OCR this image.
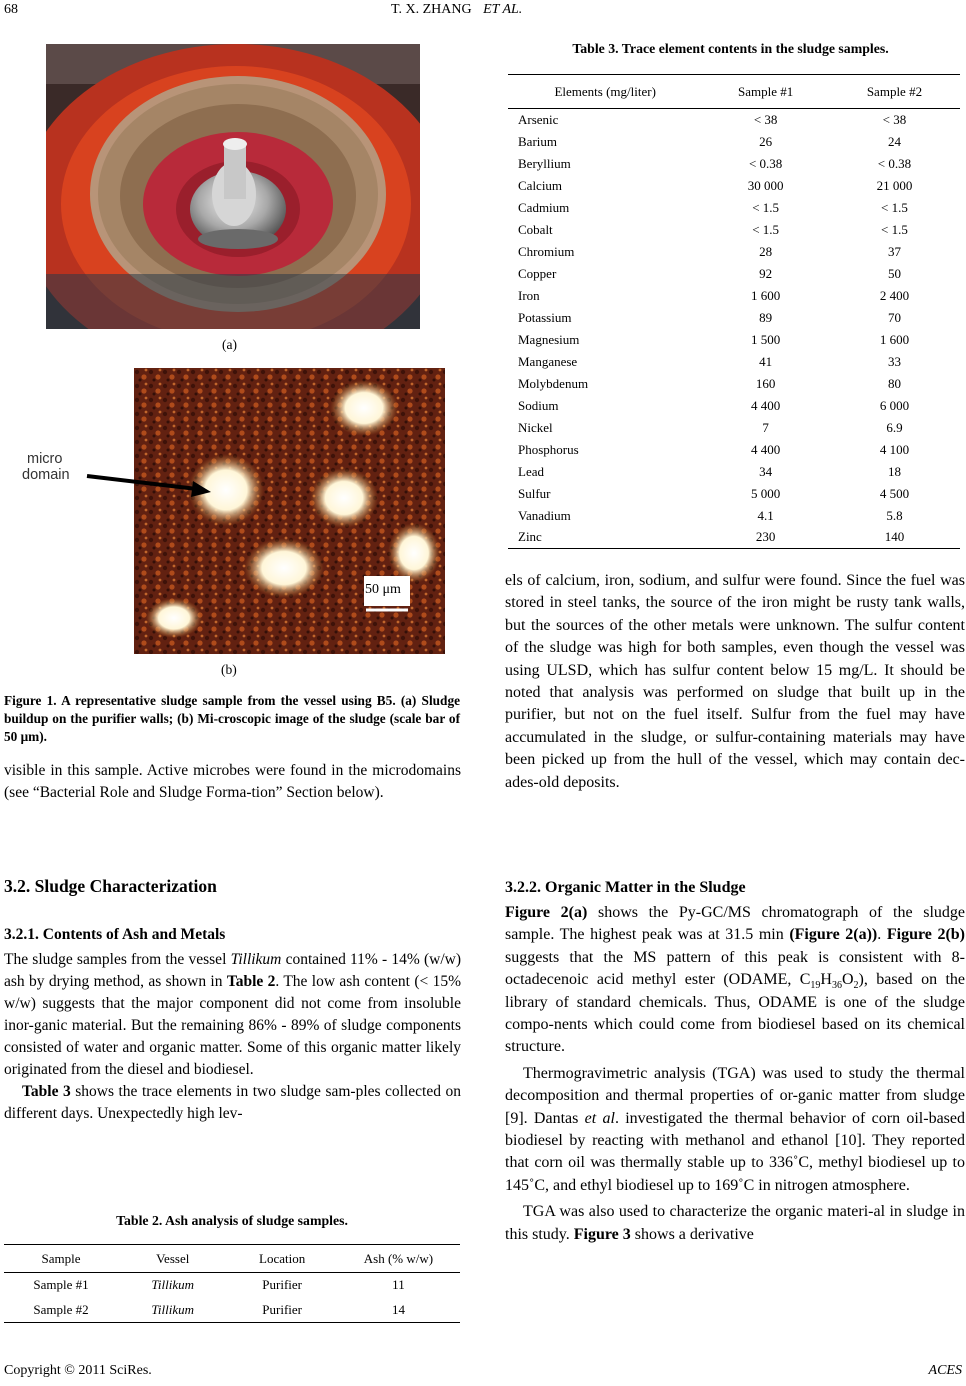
68	T. X. ZHANG ET AL.
(a)
50 μm
micro
domain
(b)
Figure 1. A representative sludge sample from the vessel using B5. (a) Sludge buildup on the purifier walls; (b) Mi-croscopic image of the sludge (scale bar of 50 μm).
visible in this sample. Active microbes were found in the microdomains (see “Bacterial Role and Sludge Forma-tion” Section below).
3.2. Sludge Characterization
3.2.1. Contents of Ash and Metals

The sludge samples from the vessel Tillikum contained 11% - 14% (w/w) ash by drying method, as shown in Table 2. The low ash content (< 15% w/w) suggests that the major component did not come from insoluble inor-ganic material. But the remaining 86% - 89% of sludge components consisted of water and organic matter. Some of this organic matter likely originated from the diesel and biodiesel.

Table 3 shows the trace elements in two sludge sam-ples collected on different days. Unexpectedly high lev-

Table 2. Ash analysis of sludge samples.
Sample	Vessel	Location	Ash (% w/w)
Sample #1	Tillikum	Purifier	11
Sample #2	Tillikum	Purifier	14
Table 3. Trace element contents in the sludge samples.
Elements (mg/liter)	Sample #1	Sample #2
Arsenic	< 38	< 38
Barium	26	24
Beryllium	< 0.38	< 0.38
Calcium	30 000	21 000
Cadmium	< 1.5	< 1.5
Cobalt	< 1.5	< 1.5
Chromium	28	37
Copper	92	50
Iron	1 600	2 400
Potassium	89	70
Magnesium	1 500	1 600
Manganese	41	33
Molybdenum	160	80
Sodium	4 400	6 000
Nickel	7	6.9
Phosphorus	4 400	4 100
Lead	34	18
Sulfur	5 000	4 500
Vanadium	4.1	5.8
Zinc	230	140
els of calcium, iron, sodium, and sulfur were found. Since the fuel was stored in steel tanks, the source of the iron might be rusty tank walls, but the sources of the other metals were unknown. The sulfur content of the sludge was high for both samples, even though the vessel was using ULSD, which has sulfur content below 15 mg/L. It should be noted that analysis was performed on sludge that built up in the purifier, but not on the fuel itself. Sulfur from the fuel may have accumulated in the sludge, or sulfur-containing materials may have been picked up from the hull of the vessel, which may contain dec-ades-old deposits.
3.2.2. Organic Matter in the Sludge

Figure 2(a) shows the Py-GC/MS chromatograph of the sludge sample. The highest peak was at 31.5 min (Figure 2(a)). Figure 2(b) suggests that the MS pattern of this peak is consistent with 8-octadecenoic acid methyl ester (ODAME, $C_{19}H_{36}O_2$), based on the library of standard chemicals. Thus, ODAME is one of the sludge compo-nents which could come from biodiesel based on its chemical structure.

Thermogravimetric analysis (TGA) was used to study the thermal decomposition and thermal properties of or-ganic matter from sludge [9]. Dantas et al. investigated the thermal behavior of corn oil-based biodiesel by reacting with methanol and ethanol [10]. They reported that corn oil was thermally stable up to 336˚C, methyl biodiesel up to 145˚C, and ethyl biodiesel up to 169˚C in nitrogen atmosphere.

TGA was also used to characterize the organic materi-al in sludge in this study. Figure 3 shows a derivative

Copyright © 2011 SciRes.	ACES
